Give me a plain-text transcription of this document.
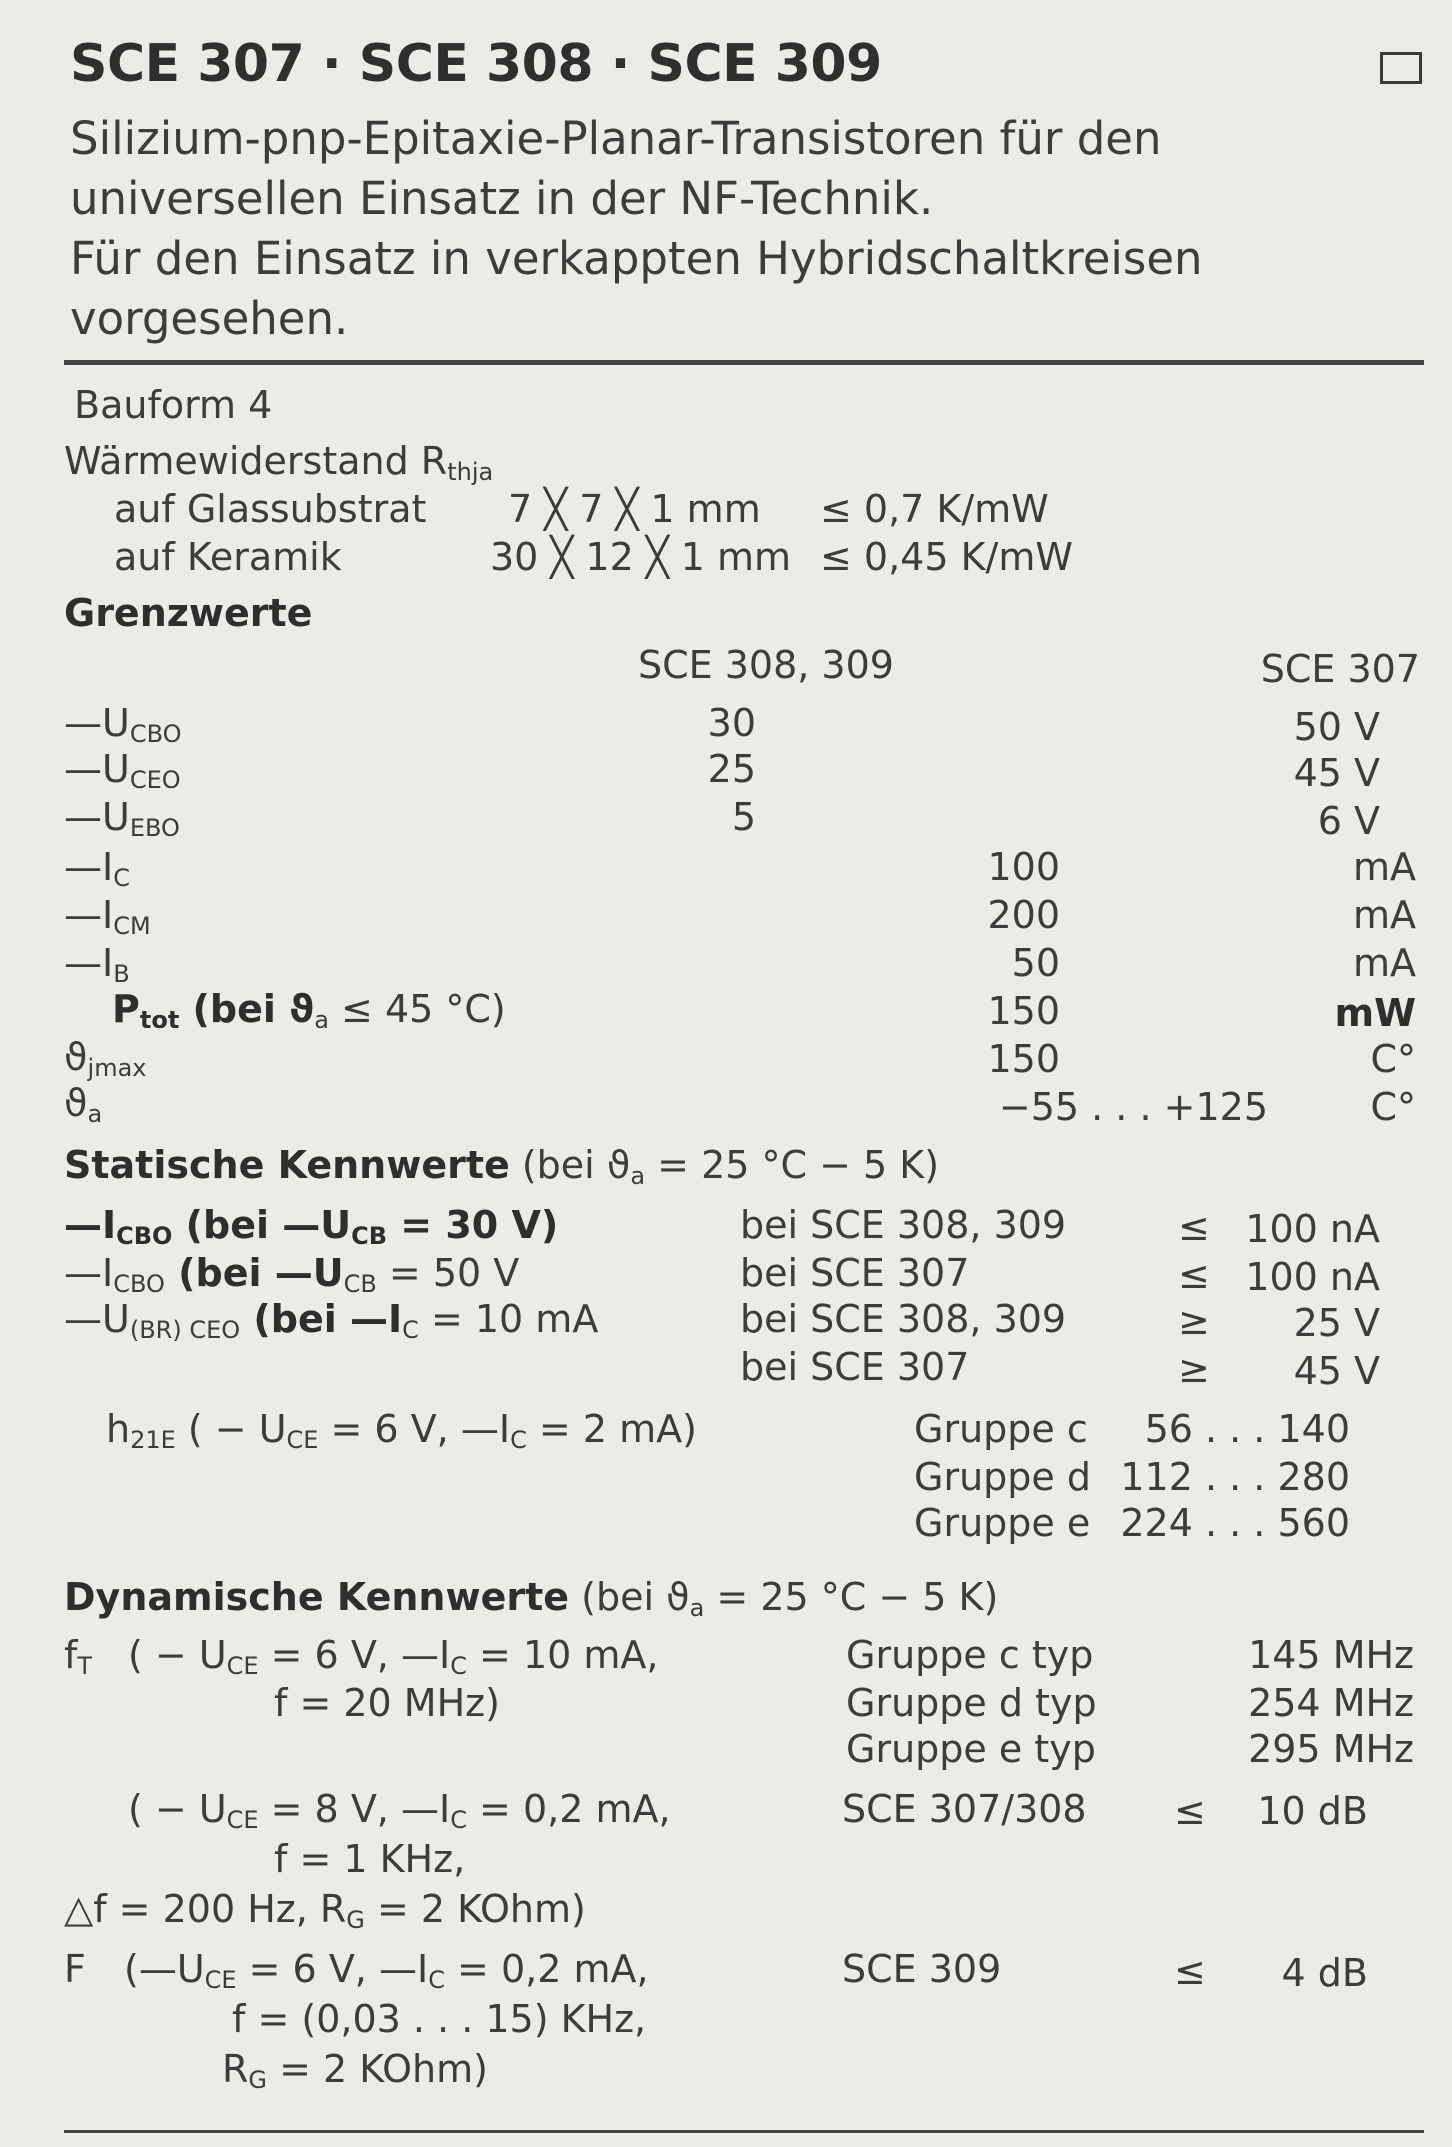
SCE 307 · SCE 308 · SCE 309
Silizium-pnp-Epitaxie-Planar-Transistoren für den
universellen Einsatz in der NF-Technik.
Für den Einsatz in verkappten Hybridschaltkreisen
vorgesehen.
Bauform 4
Wärmewiderstand $R_{thja}$
auf Glassubstrat 7 ╳ 7 ╳ 1 mm ≤ 0,7 K/mW
auf Keramik	30 ╳ 12 ╳ 1 mm ≤ 0,45 K/mW
Grenzwerte
SCE 308, 309	SCE 307
$—U_{CBO}$	30	50 V
$—U_{CEO}$	25	45 V
$—U_{EBO}$	5	6 V
$—I_C$	100	mA
$—I_{CM}$	200	mA
$—I_B$	50	mA
$P_{tot}$ (bei $ϑ_a \le 45$ °C)	150	mW
$ϑ_{jmax}$	150	C°
$ϑ_a$	−55 . . . +125	C°
Statische Kennwerte (bei $ϑ_a = 25$ °C − 5 K)
$—I_{CBO}$ (bei $—U_{CB} = 30$ V)	bei SCE 308, 309	≤ 100 nA
$—I_{CBO}$ (bei $—U_{CB} = 50$ V	bei SCE 307	≤ 100 nA
$—U_{(BR) CEO}$ (bei $—I_C = 10$ mA	bei SCE 308, 309	≥	25 V
bei SCE 307	≥	45 V
$h_{21E}$ ( − $U_{CE} = 6$ V, $—I_C = 2$ mA)	Gruppe c	56 . . . 140
Gruppe d 112 . . . 280
Gruppe e 224 . . . 560
Dynamische Kennwerte (bei $ϑ_a = 25$ °C − 5 K)
$f_T$ ( − $U_{CE} = 6$ V, $—I_C = 10$ mA,
f = 20 MHz)
Gruppe c typ	145 MHz
Gruppe d typ	254 MHz
Gruppe e typ	295 MHz
( − $U_{CE} = 8$ V, $—I_C = 0,2$ mA,
f = 1 KHz,
△f = 200 Hz, $R_G = 2$ KOhm)
SCE 307/308 ≤	10 dB
F ($—U_{CE} = 6$ V, $—I_C = 0,2$ mA,
f = (0,03 . . . 15) KHz,
$R_G = 2$ KOhm)
SCE 309	≤	4 dB
